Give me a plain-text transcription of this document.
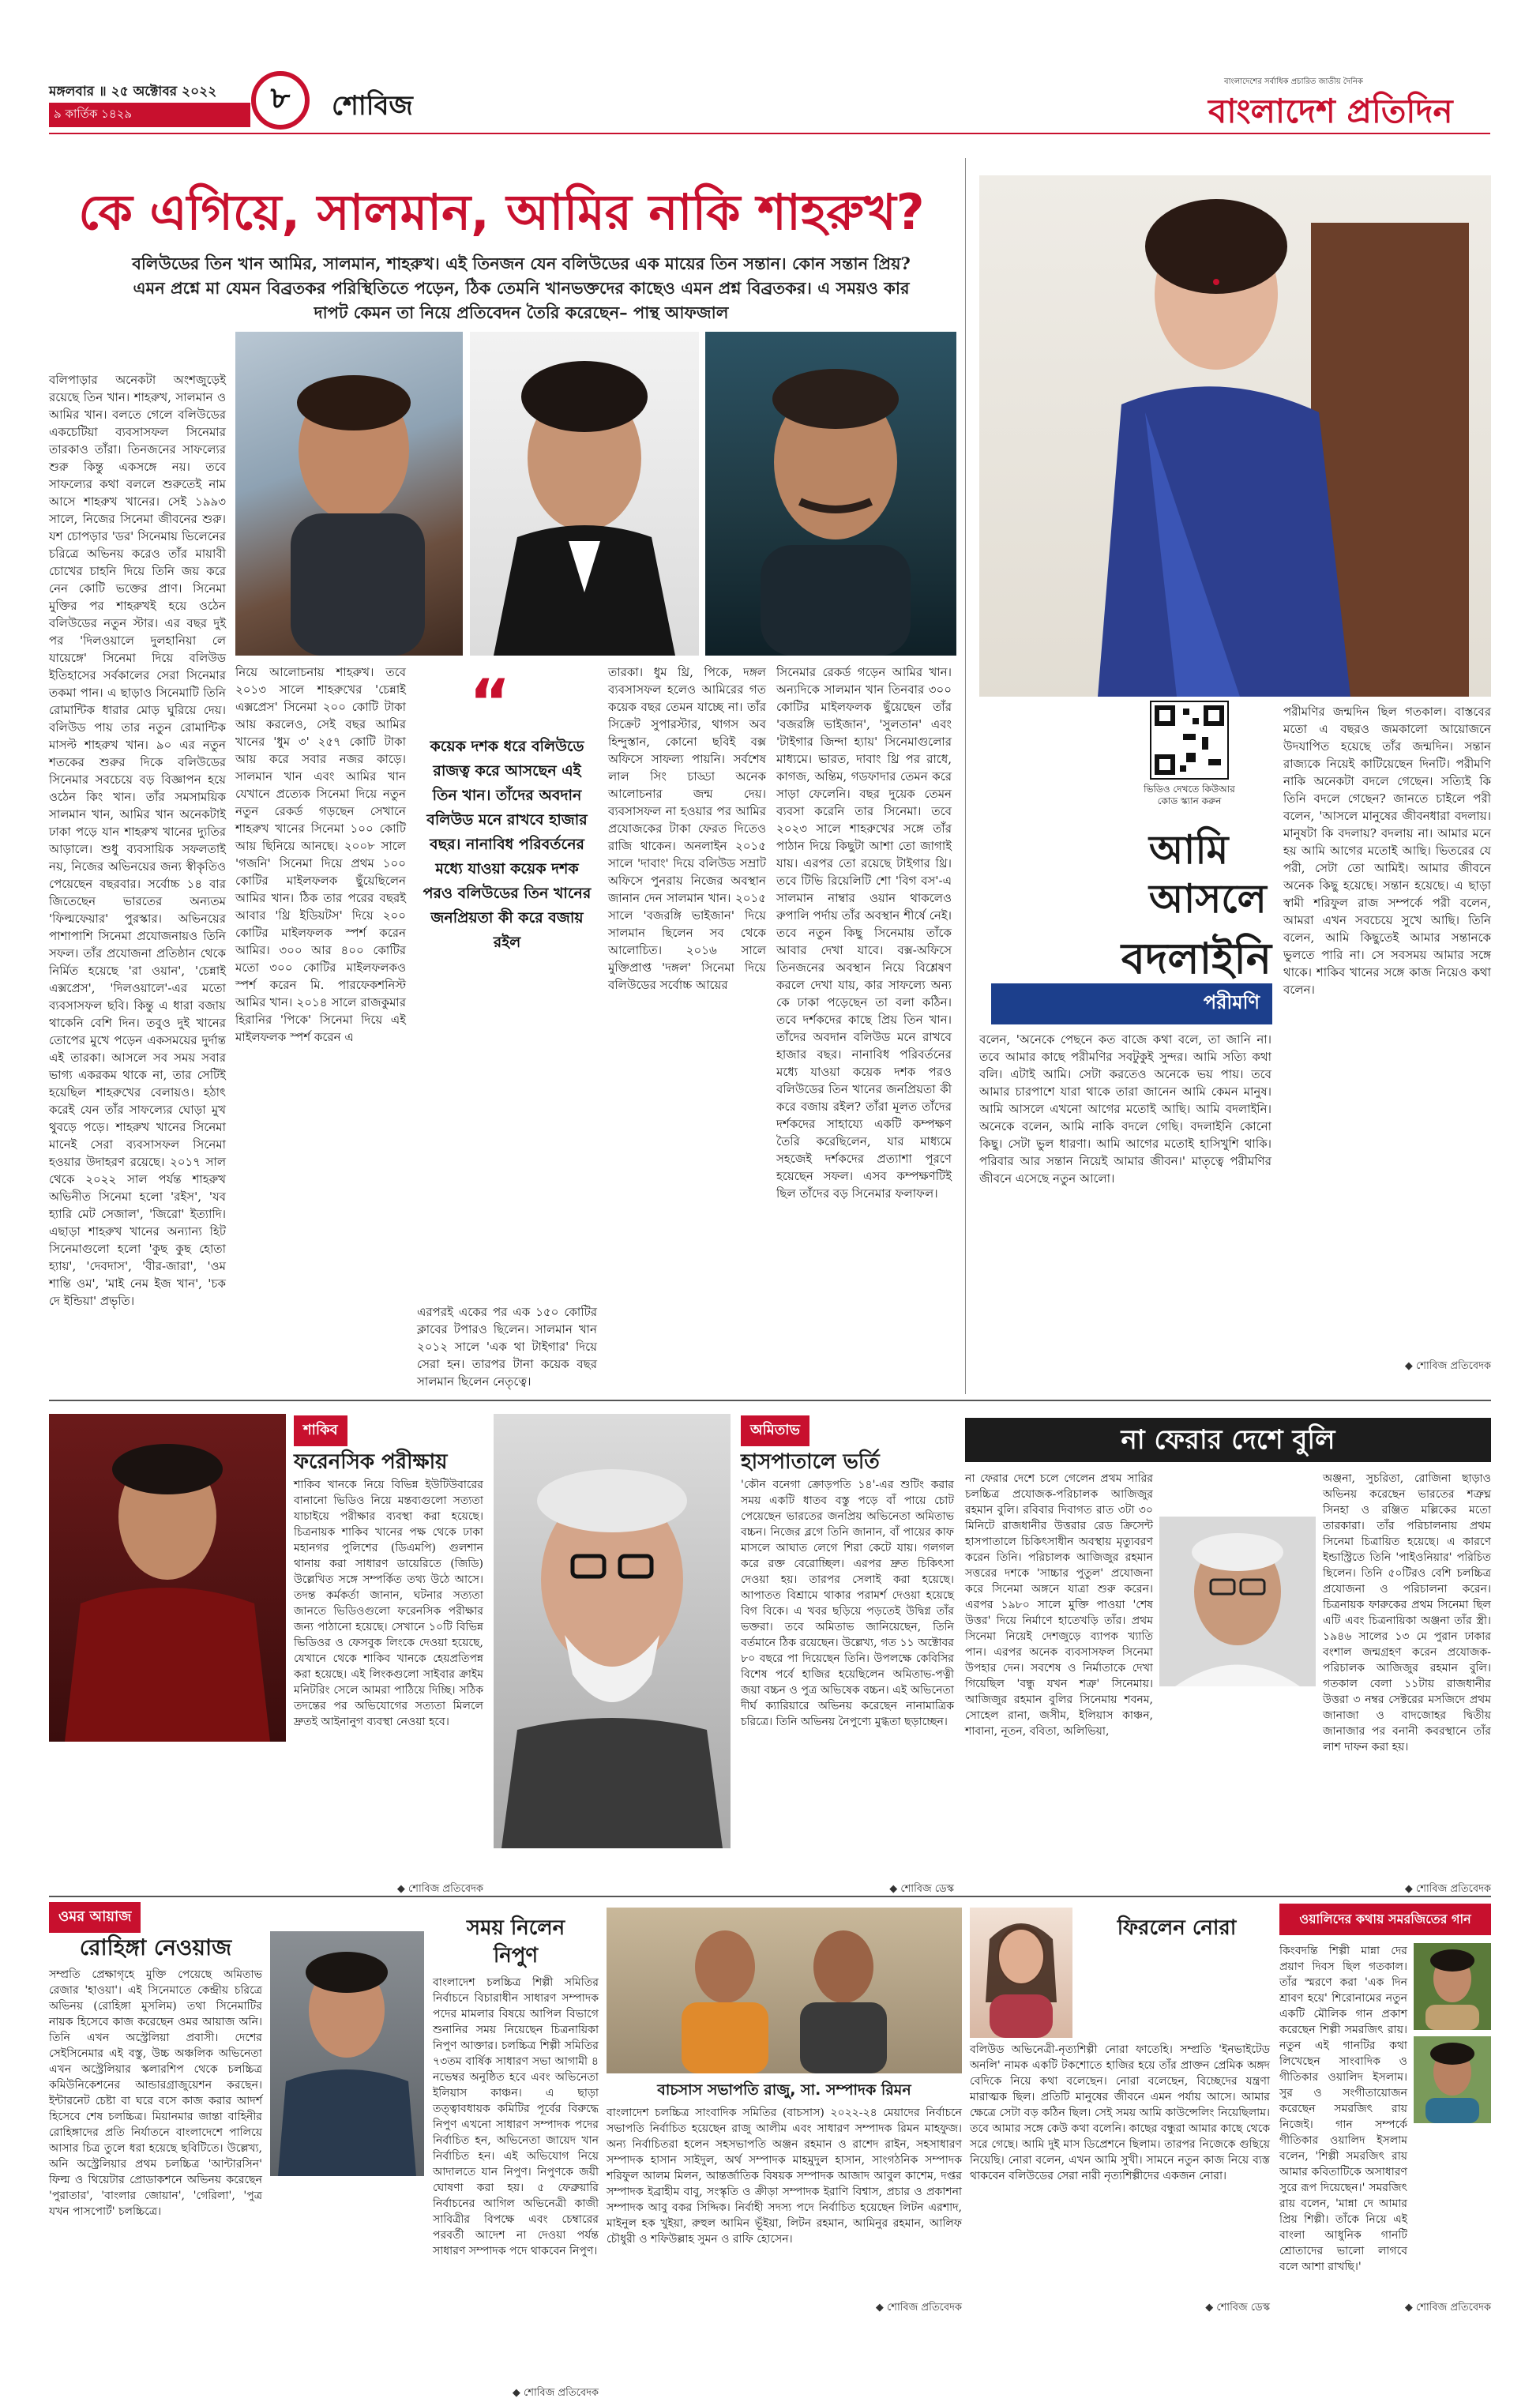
মঙ্গলবার ॥ ২৫ অক্টোবর ২০২২
৯ কার্তিক ১৪২৯	৮ শোবিজ
বাংলাদেশের সর্বাধিক প্রচারিত জাতীয় দৈনিক
বাংলাদেশ প্রতিদিন
কে এগিয়ে, সালমান, আমির নাকি শাহরুখ?
বলিউডের তিন খান আমির, সালমান, শাহরুখ। এই তিনজন যেন বলিউডের এক মায়ের তিন সন্তান। কোন সন্তান প্রিয়? এমন প্রশ্নে মা যেমন বিব্রতকর পরিস্থিতিতে পড়েন, ঠিক তেমনি খানভক্তদের কাছেও এমন প্রশ্ন বিব্রতকর। এ সময়ও কার দাপট কেমন তা নিয়ে প্রতিবেদন তৈরি করেছেন– পান্থ আফজাল
বলিপাড়ার অনেকটা অংশজুড়েই রয়েছে তিন খান। শাহরুখ, সালমান ও আমির খান। বলতে গেলে বলিউডের একচেটিয়া ব্যবসাসফল সিনেমার তারকাও তাঁরা। তিনজনের সাফল্যের শুরু কিন্তু একসঙ্গে নয়। তবে সাফল্যের কথা বললে শুরুতেই নাম আসে শাহরুখ খানের। সেই ১৯৯৩ সালে, নিজের সিনেমা জীবনের শুরু। যশ চোপড়ার 'ডর' সিনেমায় ভিলেনের চরিত্রে অভিনয় করেও তাঁর মায়াবী চোখের চাহনি দিয়ে তিনি জয় করে নেন কোটি ভক্তের প্রাণ। সিনেমা মুক্তির পর শাহরুখই হয়ে ওঠেন বলিউডের নতুন স্টার। এর বছর দুই পর 'দিলওয়ালে দুলহানিয়া লে যায়েঙ্গে' সিনেমা দিয়ে বলিউড ইতিহাসের সর্বকালের সেরা সিনেমার তকমা পান। এ ছাড়াও সিনেমাটি তিনি রোমান্টিক ধারার মোড় ঘুরিয়ে দেয়। বলিউড পায় তার নতুন রোমান্টিক মাসল্ট শাহরুখ খান। ৯০ এর নতুন শতকের শুরুর দিকে বলিউডের সিনেমার সবচেয়ে বড় বিজ্ঞাপন হয়ে ওঠেন কিং খান। তাঁর সমসাময়িক সালমান খান, আমির খান অনেকটাই ঢাকা পড়ে যান শাহরুখ খানের দ্যুতির আড়ালে। শুধু ব্যবসায়িক সফলতাই নয়, নিজের অভিনয়ের জন্য স্বীকৃতিও পেয়েছেন বছরবার। সর্বোচ্চ ১৪ বার জিতেছেন ভারতের অন্যতম 'ফিল্মফেয়ার' পুরস্কার। অভিনয়ের পাশাপাশি সিনেমা প্রযোজনায়ও তিনি সফল। তাঁর প্রযোজনা প্রতিষ্ঠান থেকে নির্মিত হয়েছে 'রা ওয়ান', 'চেন্নাই এক্সপ্রেস', 'দিলওয়ালে'-এর মতো ব্যবসাসফল ছবি। কিন্তু এ ধারা বজায় থাকেনি বেশি দিন। তবুও দুই খানের তোপের মুখে পড়েন একসময়ের দুর্দান্ত এই তারকা। আসলে সব সময় সবার ভাগ্য একরকম থাকে না, তার সেটিই হয়েছিল শাহরুখের বেলায়ও। হঠাৎ করেই যেন তাঁর সাফল্যের ঘোড়া মুখ থুবড়ে পড়ে। শাহরুখ খানের সিনেমা মানেই সেরা ব্যবসাসফল সিনেমা হওয়ার উদাহরণ রয়েছে। ২০১৭ সাল থেকে ২০২২ সাল পর্যন্ত শাহরুখ অভিনীত সিনেমা হলো 'রইস', 'যব হ্যারি মেট সেজাল', 'জিরো' ইত্যাদি। এছাড়া শাহরুখ খানের অন্যান্য হিট সিনেমাগুলো হলো 'কুছ কুছ হোতা হ্যায়', 'দেবদাস', 'বীর-জারা', 'ওম শান্তি ওম', 'মাই নেম ইজ খান', 'চক দে ইন্ডিয়া' প্রভৃতি।
নিয়ে আলোচনায় শাহরুখ। তবে ২০১৩ সালে শাহরুখের 'চেন্নাই এক্সপ্রেস' সিনেমা ২০০ কোটি টাকা আয় করলেও, সেই বছর আমির খানের 'ধুম ৩' ২৫৭ কোটি টাকা আয় করে সবার নজর কাড়ে। সালমান খান এবং আমির খান যেখানে প্রত্যেক সিনেমা দিয়ে নতুন নতুন রেকর্ড গড়ছেন সেখানে শাহরুখ খানের সিনেমা ১০০ কোটি আয় ছিনিয়ে আনছে। ২০০৮ সালে 'গজনি' সিনেমা দিয়ে প্রথম ১০০ কোটির মাইলফলক ছুঁয়েছিলেন আমির খান। ঠিক তার পরের বছরই আবার 'থ্রি ইডিয়টস' দিয়ে ২০০ কোটির মাইলফলক স্পর্শ করেন আমির। ৩০০ আর ৪০০ কোটির মতো ৩০০ কোটির মাইলফলকও স্পর্শ করেন মি. পারফেকশনিস্ট আমির খান। ২০১৪ সালে রাজকুমার হিরানির 'পিকে' সিনেমা দিয়ে এই মাইলফলক স্পর্শ করেন এ
“
কয়েক দশক ধরে বলিউডে রাজত্ব করে আসছেন এই তিন খান। তাঁদের অবদান বলিউড মনে রাখবে হাজার বছর। নানাবিধ পরিবর্তনের মধ্যে যাওয়া কয়েক দশক পরও বলিউডের তিন খানের জনপ্রিয়তা কী করে বজায় রইল
এরপরই একের পর এক ১৫০ কোটির ক্লাবের টপারও ছিলেন। সালমান খান ২০১২ সালে 'এক থা টাইগার' দিয়ে সেরা হন। তারপর টানা কয়েক বছর সালমান ছিলেন নেতৃত্বে।
তারকা। ধুম থ্রি, পিকে, দঙ্গল ব্যবসাসফল হলেও আমিরের গত কয়েক বছর তেমন যাচ্ছে না। তাঁর সিক্রেট সুপারস্টার, থাগস অব হিন্দুস্তান, কোনো ছবিই বক্স অফিসে সাফল্য পায়নি। সর্বশেষ লাল সিং চাড্ডা অনেক আলোচনার জন্ম দেয়। ব্যবসাসফল না হওয়ার পর আমির প্রযোজকের টাকা ফেরত দিতেও রাজি থাকেন। অনলাইন ২০১৫ সালে 'দাবাং' দিয়ে বলিউড সম্রাট অফিসে পুনরায় নিজের অবস্থান জানান দেন সালমান খান। ২০১৫ সালে 'বজরঙ্গি ভাইজান' দিয়ে সালমান ছিলেন সব থেকে আলোচিত। ২০১৬ সালে মুক্তিপ্রাপ্ত 'দঙ্গল' সিনেমা দিয়ে বলিউডের সর্বোচ্চ আয়ের
সিনেমার রেকর্ড গড়েন আমির খান। অন্যদিকে সালমান খান তিনবার ৩০০ কোটির মাইলফলক ছুঁয়েছেন তাঁর 'বজরঙ্গি ভাইজান', 'সুলতান' এবং 'টাইগার জিন্দা হ্যায়' সিনেমাগুলোর মাধ্যমে। ভারত, দাবাং থ্রি পর রাধে, কাগজ, অন্তিম, গডফাদার তেমন করে সাড়া ফেলেনি। বছর দুয়েক তেমন ব্যবসা করেনি তার সিনেমা। তবে ২০২৩ সালে শাহরুখের সঙ্গে তাঁর পাঠান দিয়ে কিছুটা আশা তো জাগাই যায়। এরপর তো রয়েছে টাইগার থ্রি। তবে টিভি রিয়েলিটি শো 'বিগ বস'-এ সালমান নাম্বার ওয়ান থাকলেও রুপালি পর্দায় তাঁর অবস্থান শীর্ষে নেই। তবে নতুন কিছু সিনেমায় তাঁকে আবার দেখা যাবে। বক্স-অফিসে তিনজনের অবস্থান নিয়ে বিশ্লেষণ করলে দেখা যায়, কার সাফল্যে অন্য কে ঢাকা পড়েছেন তা বলা কঠিন। তবে দর্শকদের কাছে প্রিয় তিন খান। তাঁদের অবদান বলিউড মনে রাখবে হাজার বছর। নানাবিধ পরিবর্তনের মধ্যে যাওয়া কয়েক দশক পরও বলিউডের তিন খানের জনপ্রিয়তা কী করে বজায় রইল? তাঁরা মূলত তাঁদের দর্শকদের সাহায্যে একটি কম্পক্ষণ তৈরি করেছিলেন, যার মাধ্যমে সহজেই দর্শকদের প্রত্যাশা পূরণে হয়েছেন সফল। এসব কম্পক্ষণটিই ছিল তাঁদের বড় সিনেমার ফলাফল।
ভিডিও দেখতে কিউআর কোড স্ক্যান করুন
আমি
আসলে
বদলাইনি
পরীমণি
বলেন, 'অনেকে পেছনে কত বাজে কথা বলে, তা জানি না। তবে আমার কাছে পরীমণির সবটুকুই সুন্দর। আমি সত্যি কথা বলি। এটাই আমি। সেটা করতেও অনেকে ভয় পায়। তবে আমার চারপাশে যারা থাকে তারা জানেন আমি কেমন মানুষ। আমি আসলে এখনো আগের মতোই আছি। আমি বদলাইনি। অনেকে বলেন, আমি নাকি বদলে গেছি। বদলাইনি কোনো কিছু। সেটা ভুল ধারণা। আমি আগের মতোই হাসিখুশি থাকি। পরিবার আর সন্তান নিয়েই আমার জীবন।' মাতৃত্বে পরীমণির জীবনে এসেছে নতুন আলো।
পরীমণির জন্মদিন ছিল গতকাল। বাস্তবের মতো এ বছরও জমকালো আয়োজনে উদযাপিত হয়েছে তাঁর জন্মদিন। সন্তান রাজ্যকে নিয়েই কাটিয়েছেন দিনটি। পরীমণি নাকি অনেকটা বদলে গেছেন। সত্যিই কি তিনি বদলে গেছেন? জানতে চাইলে পরী বলেন, 'আসলে মানুষের জীবনধারা বদলায়। মানুষটা কি বদলায়? বদলায় না। আমার মনে হয় আমি আগের মতোই আছি। ভিতরের যে পরী, সেটা তো আমিই। আমার জীবনে অনেক কিছু হয়েছে। সন্তান হয়েছে। এ ছাড়া স্বামী শরিফুল রাজ সম্পর্কে পরী বলেন, আমরা এখন সবচেয়ে সুখে আছি। তিনি বলেন, আমি কিছুতেই আমার সন্তানকে ভুলতে পারি না। সে সবসময় আমার সঙ্গে থাকে। শাকিব খানের সঙ্গে কাজ নিয়েও কথা বলেন।
◆ শোবিজ প্রতিবেদক
শাকিব
ফরেনসিক পরীক্ষায়
শাকিব খানকে নিয়ে বিভিন্ন ইউটিউবারের বানানো ভিডিও নিয়ে মন্তব্যগুলো সত্যতা যাচাইয়ে পরীক্ষার ব্যবস্থা করা হয়েছে। চিত্রনায়ক শাকিব খানের পক্ষ থেকে ঢাকা মহানগর পুলিশের (ডিএমপি) গুলশান থানায় করা সাধারণ ডায়েরিতে (জিডি) উল্লেখিত সঙ্গে সম্পর্কিত তথ্য উঠে আসে। তদন্ত কর্মকর্তা জানান, ঘটনার সত্যতা জানতে ভিডিওগুলো ফরেনসিক পরীক্ষার জন্য পাঠানো হয়েছে। সেখানে ১০টি বিভিন্ন ভিডিওর ও ফেসবুক লিংকে দেওয়া হয়েছে, যেখানে থেকে শাকিব খানকে হেয়প্রতিপন্ন করা হয়েছে। এই লিংকগুলো সাইবার ক্রাইম মনিটরিং সেলে আমরা পাঠিয়ে দিচ্ছি। সঠিক তদন্তের পর অভিযোগের সত্যতা মিললে দ্রুতই আইনানুগ ব্যবস্থা নেওয়া হবে।
◆ শোবিজ প্রতিবেদক
অমিতাভ
হাসপাতালে ভর্তি
'কৌন বনেগা ক্রোড়পতি ১৪'-এর শুটিং করার সময় একটি ধাতব বস্তু পড়ে বাঁ পায়ে চোট পেয়েছেন ভারতের জনপ্রিয় অভিনেতা অমিতাভ বচ্চন। নিজের ব্লগে তিনি জানান, বাঁ পায়ের কাফ মাসলে আঘাত লেগে শিরা কেটে যায়। গলগল করে রক্ত বেরোচ্ছিল। এরপর দ্রুত চিকিৎসা দেওয়া হয়। তারপর সেলাই করা হয়েছে। আপাতত বিশ্রামে থাকার পরামর্শ দেওয়া হয়েছে বিগ বিকে। এ খবর ছড়িয়ে পড়তেই উদ্বিগ্ন তাঁর ভক্তরা। তবে অমিতাভ জানিয়েছেন, তিনি বর্তমানে ঠিক রয়েছেন। উল্লেখ্য, গত ১১ অক্টোবর ৮০ বছরে পা দিয়েছেন তিনি। উপলক্ষে কেবিসির বিশেষ পর্বে হাজির হয়েছিলেন অমিতাভ-পত্নী জয়া বচ্চন ও পুত্র অভিষেক বচ্চন। এই অভিনেতা দীর্ঘ ক্যারিয়ারে অভিনয় করেছেন নানামাত্রিক চরিত্রে। তিনি অভিনয় নৈপুণ্যে মুগ্ধতা ছড়াচ্ছেন।
◆ শোবিজ ডেস্ক
না ফেরার দেশে বুলি
না ফেরার দেশে চলে গেলেন প্রথম সারির চলচ্চিত্র প্রযোজক-পরিচালক আজিজুর রহমান বুলি। রবিবার দিবাগত রাত ৩টা ৩০ মিনিটে রাজধানীর উত্তরার রেড ক্রিসেন্ট হাসপাতালে চিকিৎসাধীন অবস্থায় মৃত্যুবরণ করেন তিনি। পরিচালক আজিজুর রহমান সত্তরের দশকে 'সাচ্চার পুতুল' প্রযোজনা করে সিনেমা অঙ্গনে যাত্রা শুরু করেন। এরপর ১৯৮০ সালে মুক্তি পাওয়া 'শেষ উত্তর' দিয়ে নির্মাণে হাতেখড়ি তাঁর। প্রথম সিনেমা নিয়েই দেশজুড়ে ব্যাপক খ্যাতি পান। এরপর অনেক ব্যবসাসফল সিনেমা উপহার দেন। সবশেষ ও নির্মাতাকে দেখা গিয়েছিল 'বন্ধু যখন শত্রু' সিনেমায়। আজিজুর রহমান বুলির সিনেমায় শবনম, সোহেল রানা, জসীম, ইলিয়াস কাঞ্চন, শাবানা, নূতন, ববিতা, অলিভিয়া,
অঞ্জনা, সুচরিতা, রোজিনা ছাড়াও অভিনয় করেছেন ভারতের শত্রুঘ্ন সিনহা ও রঞ্জিত মল্লিকের মতো তারকারা। তাঁর পরিচালনায় প্রথম সিনেমা চিত্রায়িত হয়েছে। এ কারণে ইন্ডাস্ট্রিতে তিনি 'পাইওনিয়ার' পরিচিত ছিলেন। তিনি ৫০টিরও বেশি চলচ্চিত্র প্রযোজনা ও পরিচালনা করেন। চিত্রনায়ক ফারুকের প্রথম সিনেমা ছিল এটি এবং চিত্রনায়িকা অঞ্জনা তাঁর স্ত্রী। ১৯৪৬ সালের ১৩ মে পুরান ঢাকার বংশাল জন্মগ্রহণ করেন প্রযোজক-পরিচালক আজিজুর রহমান বুলি। গতকাল বেলা ১১টায় রাজধানীর উত্তরা ৩ নম্বর সেক্টরের মসজিদে প্রথম জানাজা ও বাদজোহর দ্বিতীয় জানাজার পর বনানী কবরস্থানে তাঁর লাশ দাফন করা হয়।
◆ শোবিজ প্রতিবেদক
ওমর আয়াজ
রোহিঙ্গা নেওয়াজ
সম্প্রতি প্রেক্ষাগৃহে মুক্তি পেয়েছে অমিতাভ রেজার 'হাওয়া'। এই সিনেমাতে কেন্দ্রীয় চরিত্রে অভিনয় (রোহিঙ্গা মুসলিম) তথা সিনেমাটির নায়ক হিসেবে কাজ করেছেন ওমর আয়াজ অনি। তিনি এখন অস্ট্রেলিয়া প্রবাসী। দেশের সেইসিনেমার এই বস্তু, উচ্চ অঞ্চলিক অভিনেতা এখন অস্ট্রেলিয়ার স্কলারশিপ থেকে চলচ্চিত্র কমিউনিকেশনের আন্ডারগ্রাজুয়েশন করছেন। ইন্টারনেট চেষ্টা বা ঘরে বসে কাজ করার আদর্শ হিসেবে শেষ চলচ্চিত্র। মিয়ানমার জান্তা বাহিনীর রোহিঙ্গাদের প্রতি নির্যাতনে বাংলাদেশে পালিয়ে আসার চিত্র তুলে ধরা হয়েছে ছবিটিতে। উল্লেখ্য, অনি অস্ট্রেলিয়ার প্রথম চলচ্চিত্র 'আন্টারসিন' ফিল্ম ও থিয়েটার প্রোডাকশনে অভিনয় করেছেন 'পুরাতার', 'বাংলার জোয়ান', 'গেরিলা', 'পুত্র যখন পাসপোর্ট' চলচ্চিত্রে।
সময় নিলেন
নিপুণ
বাংলাদেশ চলচ্চিত্র শিল্পী সমিতির নির্বাচনে বিচারাধীন সাধারণ সম্পাদক পদের মামলার বিষয়ে আপিল বিভাগে শুনানির সময় নিয়েছেন চিত্রনায়িকা নিপুণ আক্তার। চলচ্চিত্র শিল্পী সমিতির ৭৩তম বার্ষিক সাধারণ সভা আগামী ৪ নভেম্বর অনুষ্ঠিত হবে এবং অভিনেতা ইলিয়াস কাঞ্চন। এ ছাড়া তত্ত্বাবধায়ক কমিটির পূর্বের বিরুদ্ধে নিপুণ এখনো সাধারণ সম্পাদক পদের নির্বাচিত হন, অভিনেতা জায়েদ খান নির্বাচিত হন। এই অভিযোগ নিয়ে আদালতে যান নিপুণ। নিপুণকে জয়ী ঘোষণা করা হয়। ৫ ফেব্রুয়ারি নির্বাচনের আগিল অভিনেত্রী কাজী সাবিত্রীর বিপক্ষে এবং চেম্বারের পরবর্তী আদেশ না দেওয়া পর্যন্ত সাধারণ সম্পাদক পদে থাকবেন নিপুণ।
◆ শোবিজ প্রতিবেদক
বাচসাস সভাপতি রাজু, সা. সম্পাদক রিমন
বাংলাদেশ চলচ্চিত্র সাংবাদিক সমিতির (বাচসাস) ২০২২-২৪ মেয়াদের নির্বাচনে সভাপতি নির্বাচিত হয়েছেন রাজু আলীম এবং সাধারণ সম্পাদক রিমন মাহফুজ। অন্য নির্বাচিতরা হলেন সহসভাপতি অঞ্জন রহমান ও রাশেদ রাইন, সহসাধারণ সম্পাদক হাসান সাইদুল, অর্থ সম্পাদক মাহমুদুল হাসান, সাংগঠনিক সম্পাদক শরিফুল আলম মিলন, আন্তর্জাতিক বিষয়ক সম্পাদক আজাদ আবুল কাশেম, দপ্তর সম্পাদক ইব্রাহীম বাবু, সংস্কৃতি ও ক্রীড়া সম্পাদক ইরাণি বিশ্বাস, প্রচার ও প্রকাশনা সম্পাদক আবু বকর সিদ্দিক। নির্বাহী সদস্য পদে নির্বাচিত হয়েছেন লিটন এরশাদ, মাইনুল হক খুইয়া, রুহুল আমিন ভূঁইয়া, লিটন রহমান, আমিনুর রহমান, আলিফ চৌধুরী ও শফিউল্লাহ সুমন ও রাফি হোসেন।
◆ শোবিজ প্রতিবেদক
ফিরলেন নোরা
বলিউড অভিনেত্রী-নৃত্যশিল্পী নোরা ফাতেহি। সম্প্রতি 'ইনভাইটেড অনলি' নামক একটি টকশোতে হাজির হয়ে তাঁর প্রাক্তন প্রেমিক অঙ্গদ বেদিকে নিয়ে কথা বলেছেন। নোরা বলেছেন, বিচ্ছেদের যন্ত্রণা মারাত্মক ছিল। প্রতিটি মানুষের জীবনে এমন পর্যায় আসে। আমার ক্ষেত্রে সেটা বড় কঠিন ছিল। সেই সময় আমি কাউন্সেলিং নিয়েছিলাম। তবে আমার সঙ্গে কেউ কথা বলেনি। কাছের বন্ধুরা আমার কাছে থেকে সরে গেছে। আমি দুই মাস ডিপ্রেশনে ছিলাম। তারপর নিজেকে গুছিয়ে নিয়েছি। নোরা বলেন, এখন আমি সুখী। সামনে নতুন কাজ নিয়ে ব্যস্ত থাকবেন বলিউডের সেরা নারী নৃত্যশিল্পীদের একজন নোরা।
◆ শোবিজ ডেস্ক
ওয়ালিদের কথায় সমরজিতের গান
কিংবদন্তি শিল্পী মান্না দের প্রয়াণ দিবস ছিল গতকাল। তাঁর স্মরণে করা 'এক দিন শ্রাবণ হয়ে' শিরোনামের নতুন একটি মৌলিক গান প্রকাশ করেছেন শিল্পী সমরজিৎ রায়। নতুন এই গানটির কথা লিখেছেন সাংবাদিক ও গীতিকার ওয়ালিদ ইসলাম। সুর ও সংগীতায়োজন করেছেন সমরজিৎ রায় নিজেই। গান সম্পর্কে গীতিকার ওয়ালিদ ইসলাম বলেন, 'শিল্পী সমরজিৎ রায় আমার কবিতাটিকে অসাধারণ সুরে রূপ দিয়েছেন।' সমরজিৎ রায় বলেন, 'মান্না দে আমার প্রিয় শিল্পী। তাঁকে নিয়ে এই বাংলা আধুনিক গানটি শ্রোতাদের ভালো লাগবে বলে আশা রাখছি।'
◆ শোবিজ প্রতিবেদক
